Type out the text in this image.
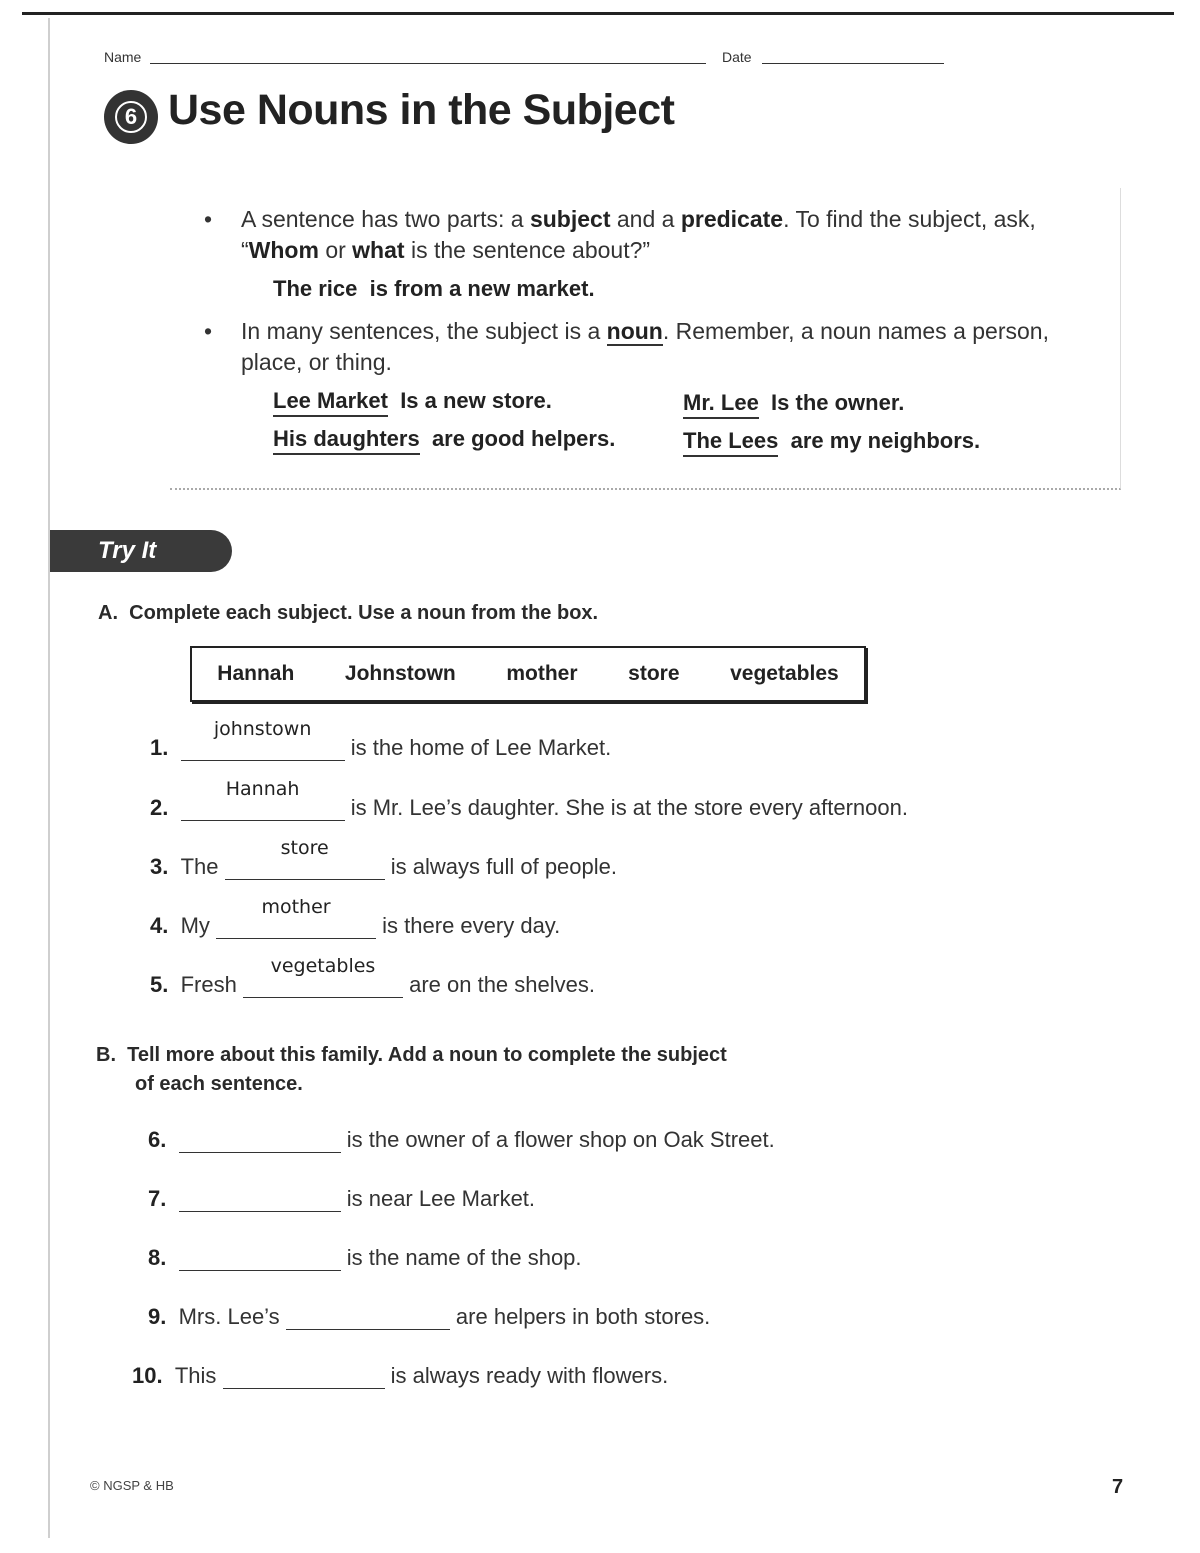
Name	Date
6 Use Nouns in the Subject
• A sentence has two parts: a subject and a predicate. To find the subject, ask, “Whom or what is the sentence about?”
The rice is from a new market.
• In many sentences, the subject is a noun. Remember, a noun names a person, place, or thing.
Lee Market Is a new store.	Mr. Lee Is the owner.
His daughters are good helpers.	The Lees are my neighbors.
Try It
A. Complete each subject. Use a noun from the box.
Hannah Johnstown mother store vegetables
1.
johnstown
is the home of Lee Market.
2.
Hannah
is Mr. Lee’s daughter. She is at the store every afternoon.
3. The
store
is always full of people.
4. My
mother
is there every day.
5. Fresh
vegetables
are on the shelves.
B. Tell more about this family. Add a noun to complete the subject
of each sentence.
6.	is the owner of a flower shop on Oak Street.
7.	is near Lee Market.
8.	is the name of the shop.
9. Mrs. Lee’s	are helpers in both stores.
10. This	is always ready with flowers.
© NGSP & HB	7
